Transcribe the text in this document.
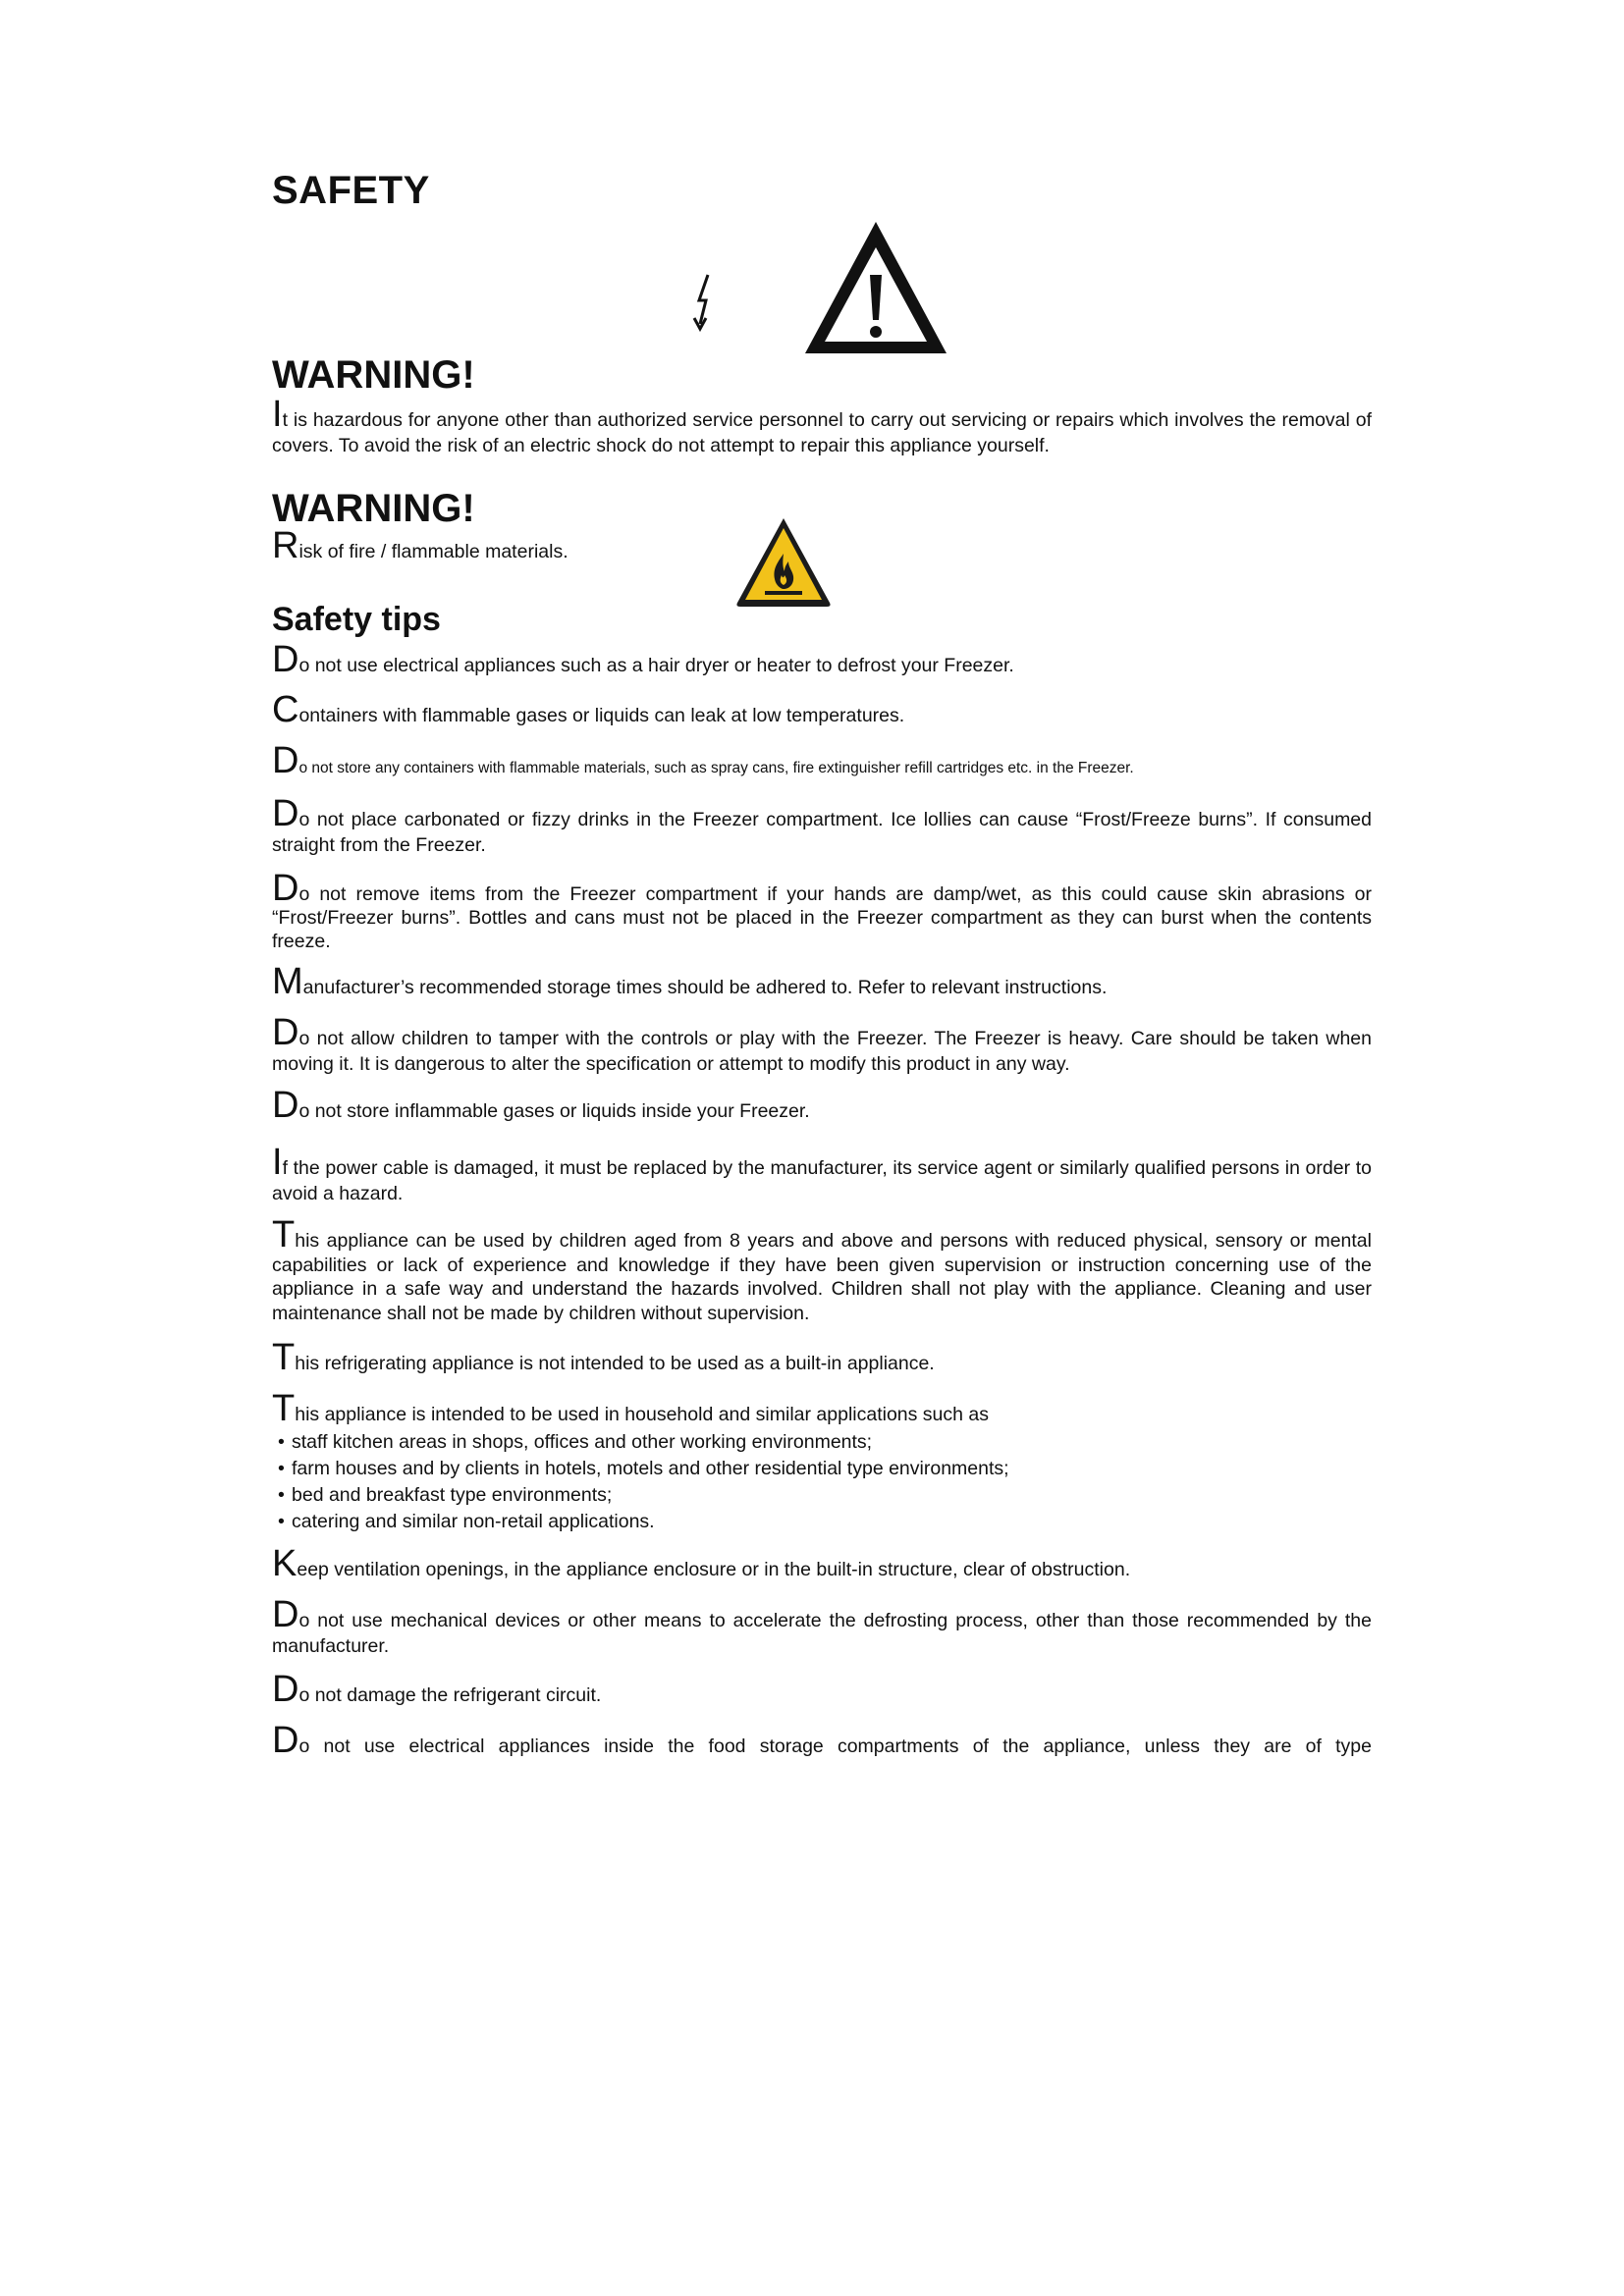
SAFETY
WARNING!

It is hazardous for anyone other than authorized service personnel to carry out servicing or repairs which involves the removal of covers. To avoid the risk of an electric shock do not attempt to repair this appliance yourself.

WARNING!

Risk of fire / flammable materials.

Safety tips

Do not use electrical appliances such as a hair dryer or heater to defrost your Freezer.

Containers with flammable gases or liquids can leak at low temperatures.

Do not store any containers with flammable materials, such as spray cans, fire extinguisher refill cartridges etc. in the Freezer.

Do not place carbonated or fizzy drinks in the Freezer compartment. Ice lollies can cause “Frost/Freeze burns”. If consumed straight from the Freezer.

Do not remove items from the Freezer compartment if your hands are damp/wet, as this could cause skin abrasions or “Frost/Freezer burns”. Bottles and cans must not be placed in the Freezer compartment as they can burst when the contents freeze.

Manufacturer’s recommended storage times should be adhered to. Refer to relevant instructions.

Do not allow children to tamper with the controls or play with the Freezer. The Freezer is heavy. Care should be taken when moving it. It is dangerous to alter the specification or attempt to modify this product in any way.

Do not store inflammable gases or liquids inside your Freezer.

If the power cable is damaged, it must be replaced by the manufacturer, its service agent or similarly qualified persons in order to avoid a hazard.

This appliance can be used by children aged from 8 years and above and persons with reduced physical, sensory or mental capabilities or lack of experience and knowledge if they have been given supervision or instruction concerning use of the appliance in a safe way and understand the hazards involved. Children shall not play with the appliance. Cleaning and user maintenance shall not be made by children without supervision.

This refrigerating appliance is not intended to be used as a built-in appliance.

This appliance is intended to be used in household and similar applications such as

• staff kitchen areas in shops, offices and other working environments;
• farm houses and by clients in hotels, motels and other residential type environments;
• bed and breakfast type environments;
• catering and similar non-retail applications.

Keep ventilation openings, in the appliance enclosure or in the built-in structure, clear of obstruction.

Do not use mechanical devices or other means to accelerate the defrosting process, other than those recommended by the manufacturer.

Do not damage the refrigerant circuit.

Do not use electrical appliances inside the food storage compartments of the appliance, unless they are of type
